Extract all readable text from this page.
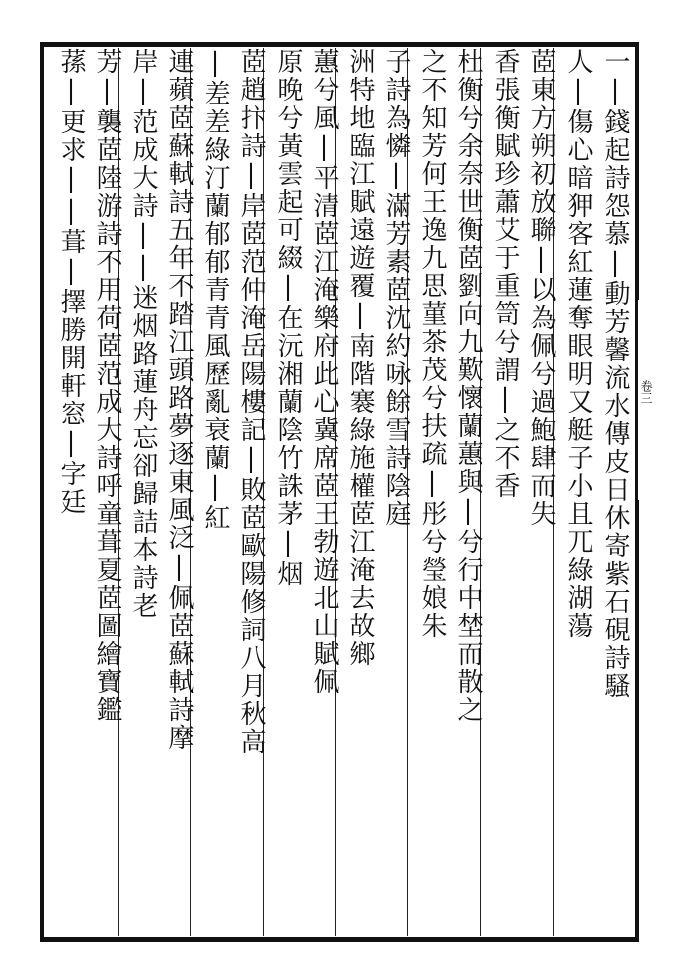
一|錢起詩怨慕|動芳馨流水傳皮日休寄紫石硯詩騷
人|傷心暗狎客紅蓮奪眼明又艇子小且兀綠湖蕩
茝東方朔初放聯|以為佩兮過鮑肆而失
香張衡賦珍蕭艾于重笥兮謂|之不香
杜衡兮余奈世衡茝劉向九歎懷蘭蕙與|兮行中埜而散之
之不知芳何王逸九思菫茶茂兮扶疏|彤兮瑩娘朱
子詩為憐|滿芳素茝沈約咏餘雪詩陰庭
洲特地臨江賦遠遊覆|南階褰綠施權茝江淹去故鄉
蕙兮風|平清茝江淹樂府此心冀席茝王勃遊北山賦佩
原晚兮黃雲起可綴|在沅湘蘭陰竹誅茅|烟
茝趙抃詩|岸茝范仲淹岳陽樓記|敗茝歐陽修詞八月秋高
|差差綠汀蘭郁郁青青風歷亂衰蘭|紅
連蘋茝蘇軾詩五年不踏江頭路夢逐東風泛|佩茝蘇軾詩摩
岸|范成大詩||迷烟路蓮舟忘卻歸詰本詩老
芳|襲茝陸游詩不用荷茝范成大詩呼童葺夏茝圖繪寶鑑
蓀|更求||葺|擇勝開軒窓|字廷	卷三
